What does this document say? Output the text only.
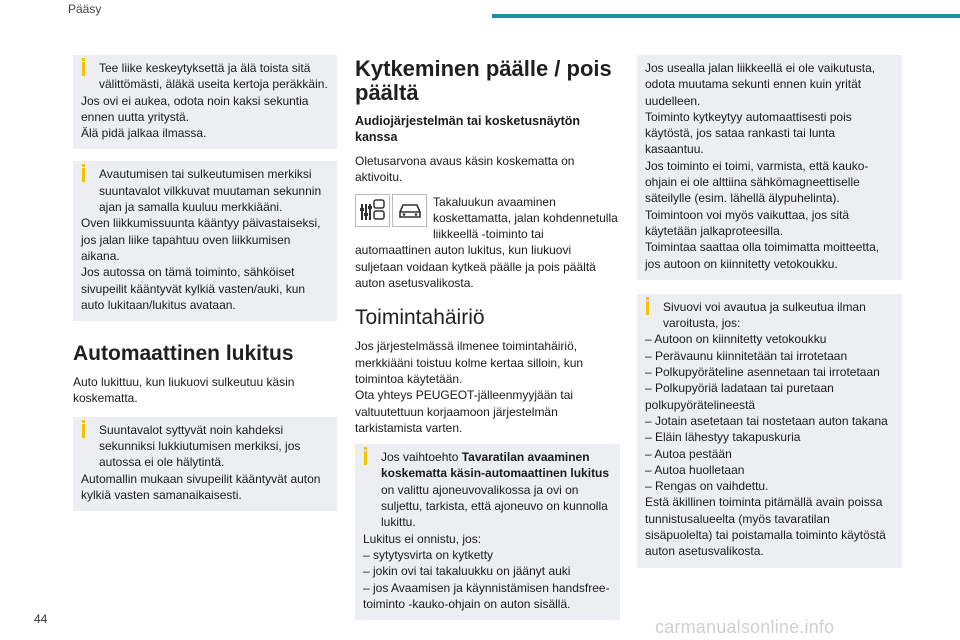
Pääsy
Tee liike keskeytyksettä ja älä toista sitä välittömästi, äläkä useita kertoja peräkkäin.
Jos ovi ei aukea, odota noin kaksi sekuntia ennen uutta yritystä.
Älä pidä jalkaa ilmassa.
Avautumisen tai sulkeutumisen merkiksi suuntavalot vilkkuvat muutaman sekunnin ajan ja samalla kuuluu merkkiääni.
Oven liikkumissuunta kääntyy päivastaiseksi, jos jalan liike tapahtuu oven liikkumisen aikana.
Jos autossa on tämä toiminto, sähköiset sivupeilit kääntyvät kylkiä vasten/auki, kun auto lukitaan/lukitus avataan.
Automaattinen lukitus
Auto lukittuu, kun liukuovi sulkeutuu käsin koskematta.
Suuntavalot syttyvät noin kahdeksi sekunniksi lukkiutumisen merkiksi, jos autossa ei ole hälytintä.
Automallin mukaan sivupeilit kääntyvät auton kylkiä vasten samanaikaisesti.
Kytkeminen päälle / pois päältä
Audiojärjestelmän tai kosketusnäytön kanssa
Oletusarvona avaus käsin koskematta on aktivoitu.
Takaluukun avaaminen koskettamatta, jalan kohdennetulla liikkeellä -toiminto tai automaattinen auton lukitus, kun liukuovi suljetaan voidaan kytkeä päälle ja pois päältä auton asetusvalikosta.
Toimintahäiriö
Jos järjestelmässä ilmenee toimintahäiriö, merkkiääni toistuu kolme kertaa silloin, kun toimintoa käytetään.
Ota yhteys PEUGEOT-jälleenmyyjään tai valtuutettuun korjaamoon järjestelmän tarkistamista varten.
Jos vaihtoehto Tavaratilan avaaminen koskematta käsin-automaattinen lukitus on valittu ajoneuvovalikossa ja ovi on suljettu, tarkista, että ajoneuvo on kunnolla lukittu.
Lukitus ei onnistu, jos:
– sytytysvirta on kytketty
– jokin ovi tai takaluukku on jäänyt auki
– jos Avaamisen ja käynnistämisen handsfree-toiminto -kauko-ohjain on auton sisällä.
Jos usealla jalan liikkeellä ei ole vaikutusta, odota muutama sekunti ennen kuin yrität uudelleen.
Toiminto kytkeytyy automaattisesti pois käytöstä, jos sataa rankasti tai lunta kasaantuu.
Jos toiminto ei toimi, varmista, että kauko-ohjain ei ole alttiina sähkömagneettiselle säteilylle (esim. lähellä älypuhelinta).
Toimintoon voi myös vaikuttaa, jos sitä käytetään jalkaproteesilla.
Toimintaa saattaa olla toimimatta moitteetta, jos autoon on kiinnitetty vetokoukku.
Sivuovi voi avautua ja sulkeutua ilman varoitusta, jos:
– Autoon on kiinnitetty vetokoukku
– Perävaunu kiinnitetään tai irrotetaan
– Polkupyöräteline asennetaan tai irrotetaan
– Polkupyöriä ladataan tai puretaan polkupyörätelineestä
– Jotain asetetaan tai nostetaan auton takana
– Eläin lähestyy takapuskuria
– Autoa pestään
– Autoa huolletaan
– Rengas on vaihdettu.
Estä äkillinen toiminta pitämällä avain poissa tunnistusalueelta (myös tavaratilan sisäpuolelta) tai poistamalla toiminto käytöstä auton asetusvalikosta.
44	carmanualsonline.info
